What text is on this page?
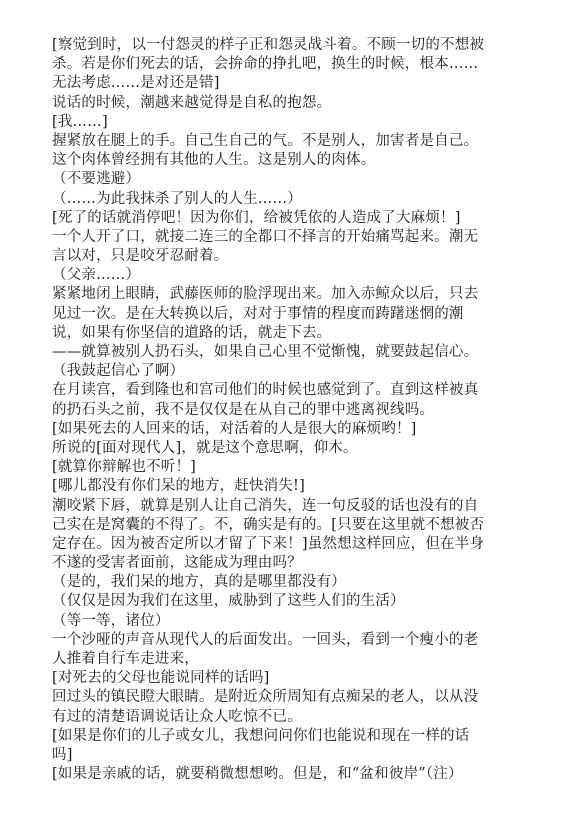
[察觉到时，以一付怨灵的样子正和怨灵战斗着。不顾一切的不想被
杀。若是你们死去的话，会拚命的挣扎吧，换生的时候，根本……
无法考虑……是对还是错]
说话的时候，潮越来越觉得是自私的抱怨。
[我……]
握紧放在腿上的手。自己生自己的气。不是别人，加害者是自己。
这个肉体曾经拥有其他的人生。这是别人的肉体。
（不要逃避）
（……为此我抹杀了别人的人生……）
[死了的话就消停吧！因为你们，给被凭依的人造成了大麻烦！]
一个人开了口，就接二连三的全都口不择言的开始痛骂起来。潮无
言以对，只是咬牙忍耐着。
（父亲……）
紧紧地闭上眼睛，武藤医师的脸浮现出来。加入赤鲸众以后，只去
见过一次。是在大转换以后，对对于事情的程度而踌躇迷惘的潮
说，如果有你坚信的道路的话，就走下去。
——就算被别人扔石头，如果自己心里不觉惭愧，就要鼓起信心。
（我鼓起信心了啊）
在月读宫，看到隆也和宫司他们的时候也感觉到了。直到这样被真
的扔石头之前，我不是仅仅是在从自己的罪中逃离视线吗。
[如果死去的人回来的话，对活着的人是很大的麻烦哟！]
所说的[面对现代人]，就是这个意思啊，仰木。
[就算你辩解也不听！]
[哪儿都没有你们呆的地方，赶快消失!]
潮咬紧下唇，就算是别人让自己消失，连一句反驳的话也没有的自
己实在是窝囊的不得了。不，确实是有的。[只要在这里就不想被否
定存在。因为被否定所以才留了下来！]虽然想这样回应，但在半身
不遂的受害者面前，这能成为理由吗？
（是的，我们呆的地方，真的是哪里都没有）
（仅仅是因为我们在这里，威胁到了这些人们的生活）
（等一等，诸位）
一个沙哑的声音从现代人的后面发出。一回头，看到一个瘦小的老
人推着自行车走进来，
[对死去的父母也能说同样的话吗]
回过头的镇民瞪大眼睛。是附近众所周知有点痴呆的老人，以从没
有过的清楚语调说话让众人吃惊不已。
[如果是你们的儿子或女儿，我想问问你们也能说和现在一样的话
吗]
[如果是亲戚的话，就要稍微想想哟。但是，和“盆和彼岸”（注）
